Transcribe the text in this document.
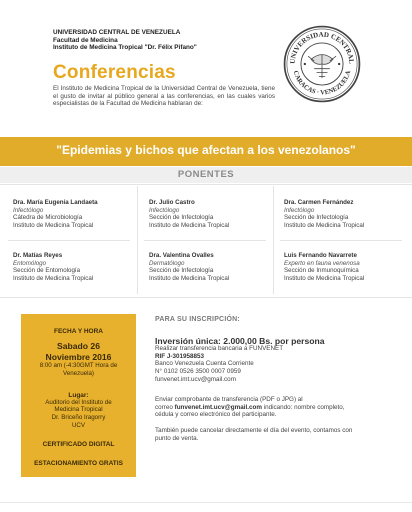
UNIVERSIDAD CENTRAL DE VENEZUELA
Facultad de Medicina
Instituto de Medicina Tropical "Dr. Félix Pifano"
Conferencias
El Instituto de Medicina Tropical de la Universidad Central de Venezuela, tiene el gusto de invitar al público general a las conferencias, en las cuales varios especialistas de la Facultad de Medicina hablaran de:
UNIVERSIDAD CENTRAL
CARACAS · VENEZUELA
"Epidemias y bichos que afectan a los venezolanos"
PONENTES
Dra. María Eugenia Landaeta
Infectólogo
Cátedra de Microbiología
Instituto de Medicina Tropical
Dr. Julio Castro
Infectólogo
Sección de Infectología
Instituto de Medicina Tropical
Dra. Carmen Fernández
Infectólogo
Sección de Infectología
Instituto de Medicina Tropical
Dr. Matías Reyes
Entomólogo
Sección de Entomología
Instituto de Medicina Tropical
Dra. Valentina Ovalles
Dermatólogo
Sección de Infectología
Instituto de Medicina Tropical
Luis Fernando Navarrete
Experto en fauna venenosa
Sección de Inmunoquímica
Instituto de Medicina Tropical
FECHA Y HORA
Sabado 26
Noviembre 2016
8:00 am (-4:30GMT Hora de
Venezuela)
Lugar:
Auditorio del Instituto de
Medicina Tropical
Dr. Briceño Iragorry
UCV
CERTIFICADO DIGITAL
ESTACIONAMIENTO GRATIS
PARA SU INSCRIPCIÓN:
Inversión única: 2.000,00 Bs. por persona

Realizar transferencia bancaria a FUNVENET

RIF J-301958853

Banco Venezuela Cuenta Corriente

N° 0102 0526 3500 0007 0959

funvenet.imt.ucv@gmail.com

Enviar comprobante de transferencia (PDF o JPG) al

correo funvenet.imt.ucv@gmail.com indicando: nombre completo,

cédula y correo electrónico del participante.

También puede cancelar directamente el día del evento, contamos con

punto de venta.
